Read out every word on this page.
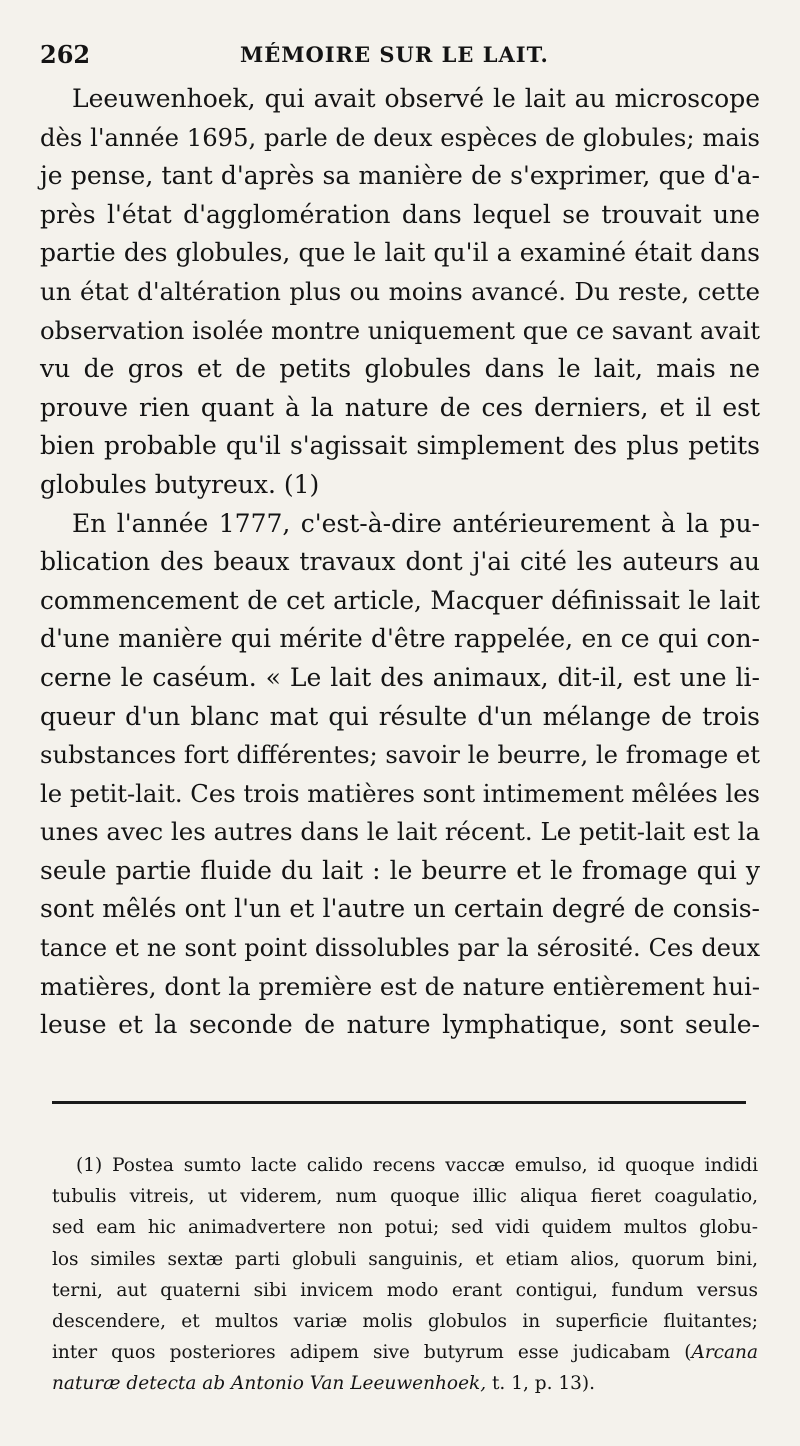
262	MÉMOIRE SUR LE LAIT.
Leeuwenhoek, qui avait observé le lait au microscope
dès l'année 1695, parle de deux espèces de globules; mais
je pense, tant d'après sa manière de s'exprimer, que d'a-
près l'état d'agglomération dans lequel se trouvait une
partie des globules, que le lait qu'il a examiné était dans
un état d'altération plus ou moins avancé. Du reste, cette
observation isolée montre uniquement que ce savant avait
vu de gros et de petits globules dans le lait, mais ne
prouve rien quant à la nature de ces derniers, et il est
bien probable qu'il s'agissait simplement des plus petits
globules butyreux. (1)
En l'année 1777, c'est-à-dire antérieurement à la pu-
blication des beaux travaux dont j'ai cité les auteurs au
commencement de cet article, Macquer définissait le lait
d'une manière qui mérite d'être rappelée, en ce qui con-
cerne le caséum. « Le lait des animaux, dit-il, est une li-
queur d'un blanc mat qui résulte d'un mélange de trois
substances fort différentes; savoir le beurre, le fromage et
le petit-lait. Ces trois matières sont intimement mêlées les
unes avec les autres dans le lait récent. Le petit-lait est la
seule partie fluide du lait : le beurre et le fromage qui y
sont mêlés ont l'un et l'autre un certain degré de consis-
tance et ne sont point dissolubles par la sérosité. Ces deux
matières, dont la première est de nature entièrement hui-
leuse et la seconde de nature lymphatique, sont seule-
(1) Postea sumto lacte calido recens vaccæ emulso, id quoque indidi
tubulis vitreis, ut viderem, num quoque illic aliqua fieret coagulatio,
sed eam hic animadvertere non potui; sed vidi quidem multos globu-
los similes sextæ parti globuli sanguinis, et etiam alios, quorum bini,
terni, aut quaterni sibi invicem modo erant contigui, fundum versus
descendere, et multos variæ molis globulos in superficie fluitantes;
inter quos posteriores adipem sive butyrum esse judicabam (Arcana
naturæ detecta ab Antonio Van Leeuwenhoek, t. 1, p. 13).
